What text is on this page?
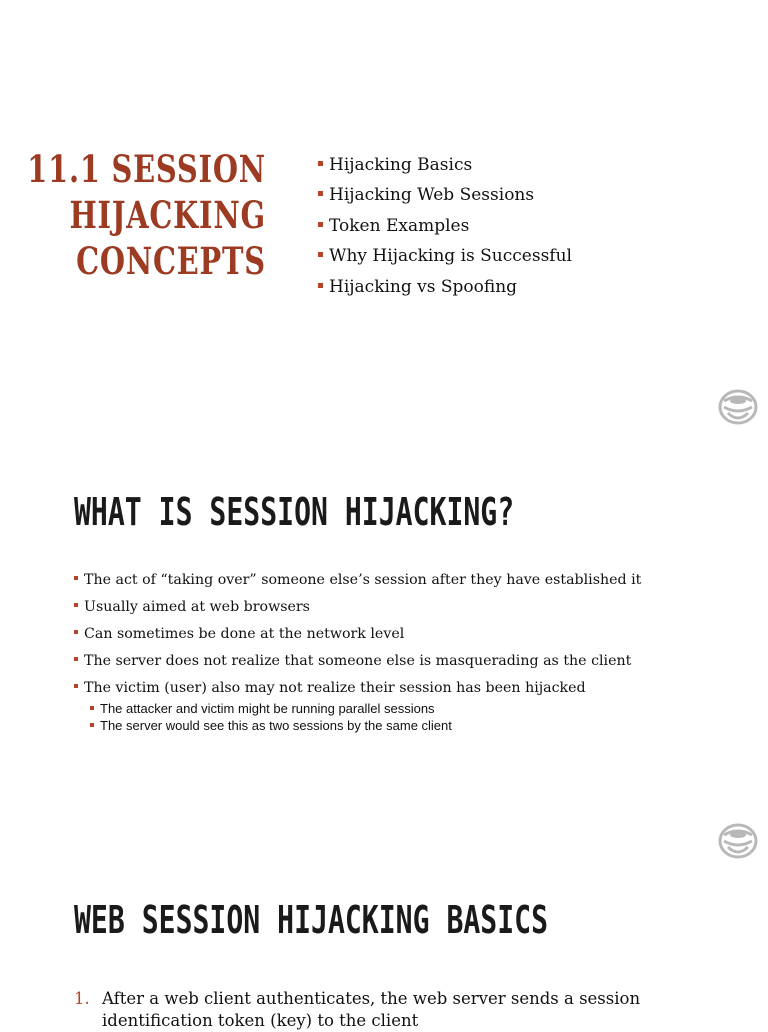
11.1 SESSION
HIJACKING
CONCEPTS
Hijacking Basics
Hijacking Web Sessions
Token Examples
Why Hijacking is Successful
Hijacking vs Spoofing
WHAT IS SESSION HIJACKING?
The act of “taking over” someone else’s session after they have established it
Usually aimed at web browsers
Can sometimes be done at the network level
The server does not realize that someone else is masquerading as the client
The victim (user) also may not realize their session has been hijacked
The attacker and victim might be running parallel sessions
The server would see this as two sessions by the same client
WEB SESSION HIJACKING BASICS
1. After a web client authenticates, the web server sends a session
identification token (key) to the client
